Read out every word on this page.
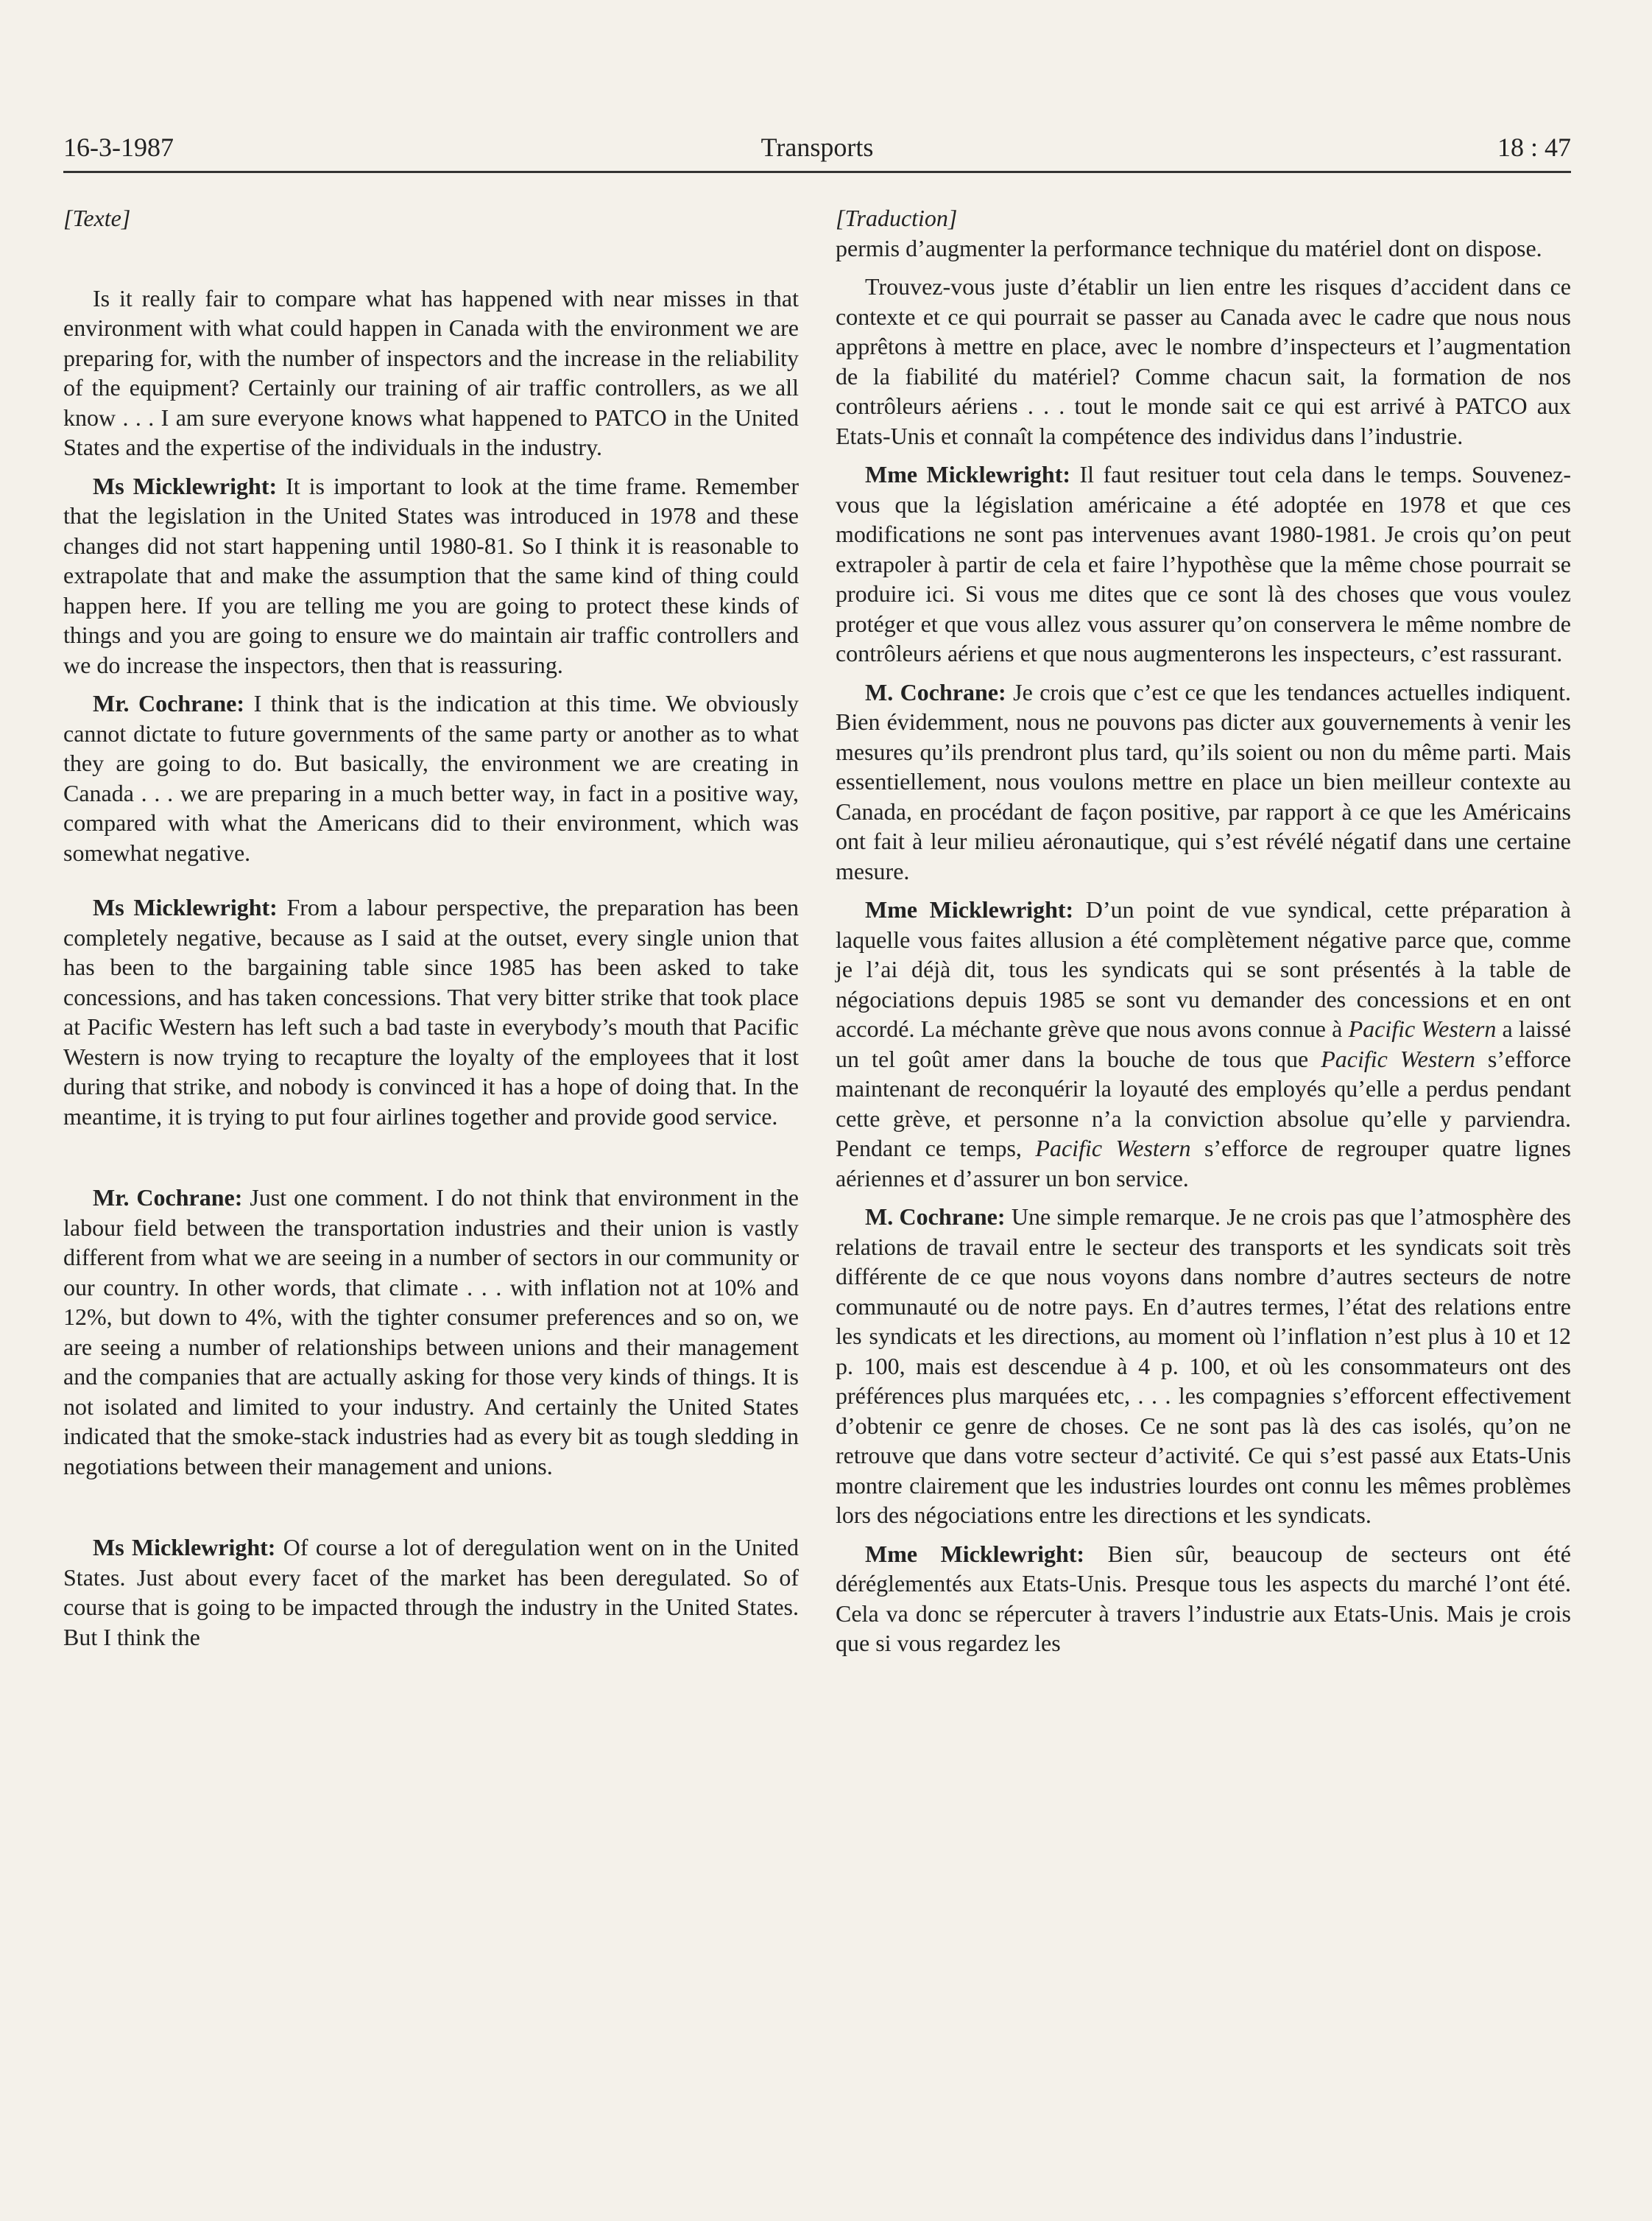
16-3-1987	Transports	18 : 47

[Texte]

Is it really fair to compare what has happened with near misses in that environment with what could happen in Canada with the environment we are preparing for, with the number of inspectors and the increase in the reliability of the equipment? Certainly our training of air traffic controllers, as we all know . . . I am sure everyone knows what happened to PATCO in the United States and the expertise of the individuals in the industry.

Ms Micklewright: It is important to look at the time frame. Remember that the legislation in the United States was introduced in 1978 and these changes did not start happening until 1980-81. So I think it is reasonable to extrapolate that and make the assumption that the same kind of thing could happen here. If you are telling me you are going to protect these kinds of things and you are going to ensure we do maintain air traffic controllers and we do increase the inspectors, then that is reassuring.

Mr. Cochrane: I think that is the indication at this time. We obviously cannot dictate to future governments of the same party or another as to what they are going to do. But basically, the environment we are creating in Canada . . . we are preparing in a much better way, in fact in a positive way, compared with what the Americans did to their environment, which was somewhat negative.

Ms Micklewright: From a labour perspective, the preparation has been completely negative, because as I said at the outset, every single union that has been to the bargaining table since 1985 has been asked to take concessions, and has taken concessions. That very bitter strike that took place at Pacific Western has left such a bad taste in everybody’s mouth that Pacific Western is now trying to recapture the loyalty of the employees that it lost during that strike, and nobody is convinced it has a hope of doing that. In the meantime, it is trying to put four airlines together and provide good service.

Mr. Cochrane: Just one comment. I do not think that environment in the labour field between the transportation industries and their union is vastly different from what we are seeing in a number of sectors in our community or our country. In other words, that climate . . . with inflation not at 10% and 12%, but down to 4%, with the tighter consumer preferences and so on, we are seeing a number of relationships between unions and their management and the companies that are actually asking for those very kinds of things. It is not isolated and limited to your industry. And certainly the United States indicated that the smoke-stack industries had as every bit as tough sledding in negotiations between their management and unions.

Ms Micklewright: Of course a lot of deregulation went on in the United States. Just about every facet of the market has been deregulated. So of course that is going to be impacted through the industry in the United States. But I think the

[Traduction]

permis d’augmenter la performance technique du matériel dont on dispose.

Trouvez-vous juste d’établir un lien entre les risques d’accident dans ce contexte et ce qui pourrait se passer au Canada avec le cadre que nous nous apprêtons à mettre en place, avec le nombre d’inspecteurs et l’augmentation de la fiabilité du matériel? Comme chacun sait, la formation de nos contrôleurs aériens . . . tout le monde sait ce qui est arrivé à PATCO aux Etats-Unis et connaît la compétence des individus dans l’industrie.

Mme Micklewright: Il faut resituer tout cela dans le temps. Souvenez-vous que la législation américaine a été adoptée en 1978 et que ces modifications ne sont pas intervenues avant 1980-1981. Je crois qu’on peut extrapoler à partir de cela et faire l’hypothèse que la même chose pourrait se produire ici. Si vous me dites que ce sont là des choses que vous voulez protéger et que vous allez vous assurer qu’on conservera le même nombre de contrôleurs aériens et que nous augmenterons les inspecteurs, c’est rassurant.

M. Cochrane: Je crois que c’est ce que les tendances actuelles indiquent. Bien évidemment, nous ne pouvons pas dicter aux gouvernements à venir les mesures qu’ils prendront plus tard, qu’ils soient ou non du même parti. Mais essentiellement, nous voulons mettre en place un bien meilleur contexte au Canada, en procédant de façon positive, par rapport à ce que les Américains ont fait à leur milieu aéronautique, qui s’est révélé négatif dans une certaine mesure.

Mme Micklewright: D’un point de vue syndical, cette préparation à laquelle vous faites allusion a été complètement négative parce que, comme je l’ai déjà dit, tous les syndicats qui se sont présentés à la table de négociations depuis 1985 se sont vu demander des concessions et en ont accordé. La méchante grève que nous avons connue à Pacific Western a laissé un tel goût amer dans la bouche de tous que Pacific Western s’efforce maintenant de reconquérir la loyauté des employés qu’elle a perdus pendant cette grève, et personne n’a la conviction absolue qu’elle y parviendra. Pendant ce temps, Pacific Western s’efforce de regrouper quatre lignes aériennes et d’assurer un bon service.

M. Cochrane: Une simple remarque. Je ne crois pas que l’atmosphère des relations de travail entre le secteur des transports et les syndicats soit très différente de ce que nous voyons dans nombre d’autres secteurs de notre communauté ou de notre pays. En d’autres termes, l’état des relations entre les syndicats et les directions, au moment où l’inflation n’est plus à 10 et 12 p. 100, mais est descendue à 4 p. 100, et où les consommateurs ont des préférences plus marquées etc, . . . les compagnies s’efforcent effectivement d’obtenir ce genre de choses. Ce ne sont pas là des cas isolés, qu’on ne retrouve que dans votre secteur d’activité. Ce qui s’est passé aux Etats-Unis montre clairement que les industries lourdes ont connu les mêmes problèmes lors des négociations entre les directions et les syndicats.

Mme Micklewright: Bien sûr, beaucoup de secteurs ont été déréglementés aux Etats-Unis. Presque tous les aspects du marché l’ont été. Cela va donc se répercuter à travers l’industrie aux Etats-Unis. Mais je crois que si vous regardez les
